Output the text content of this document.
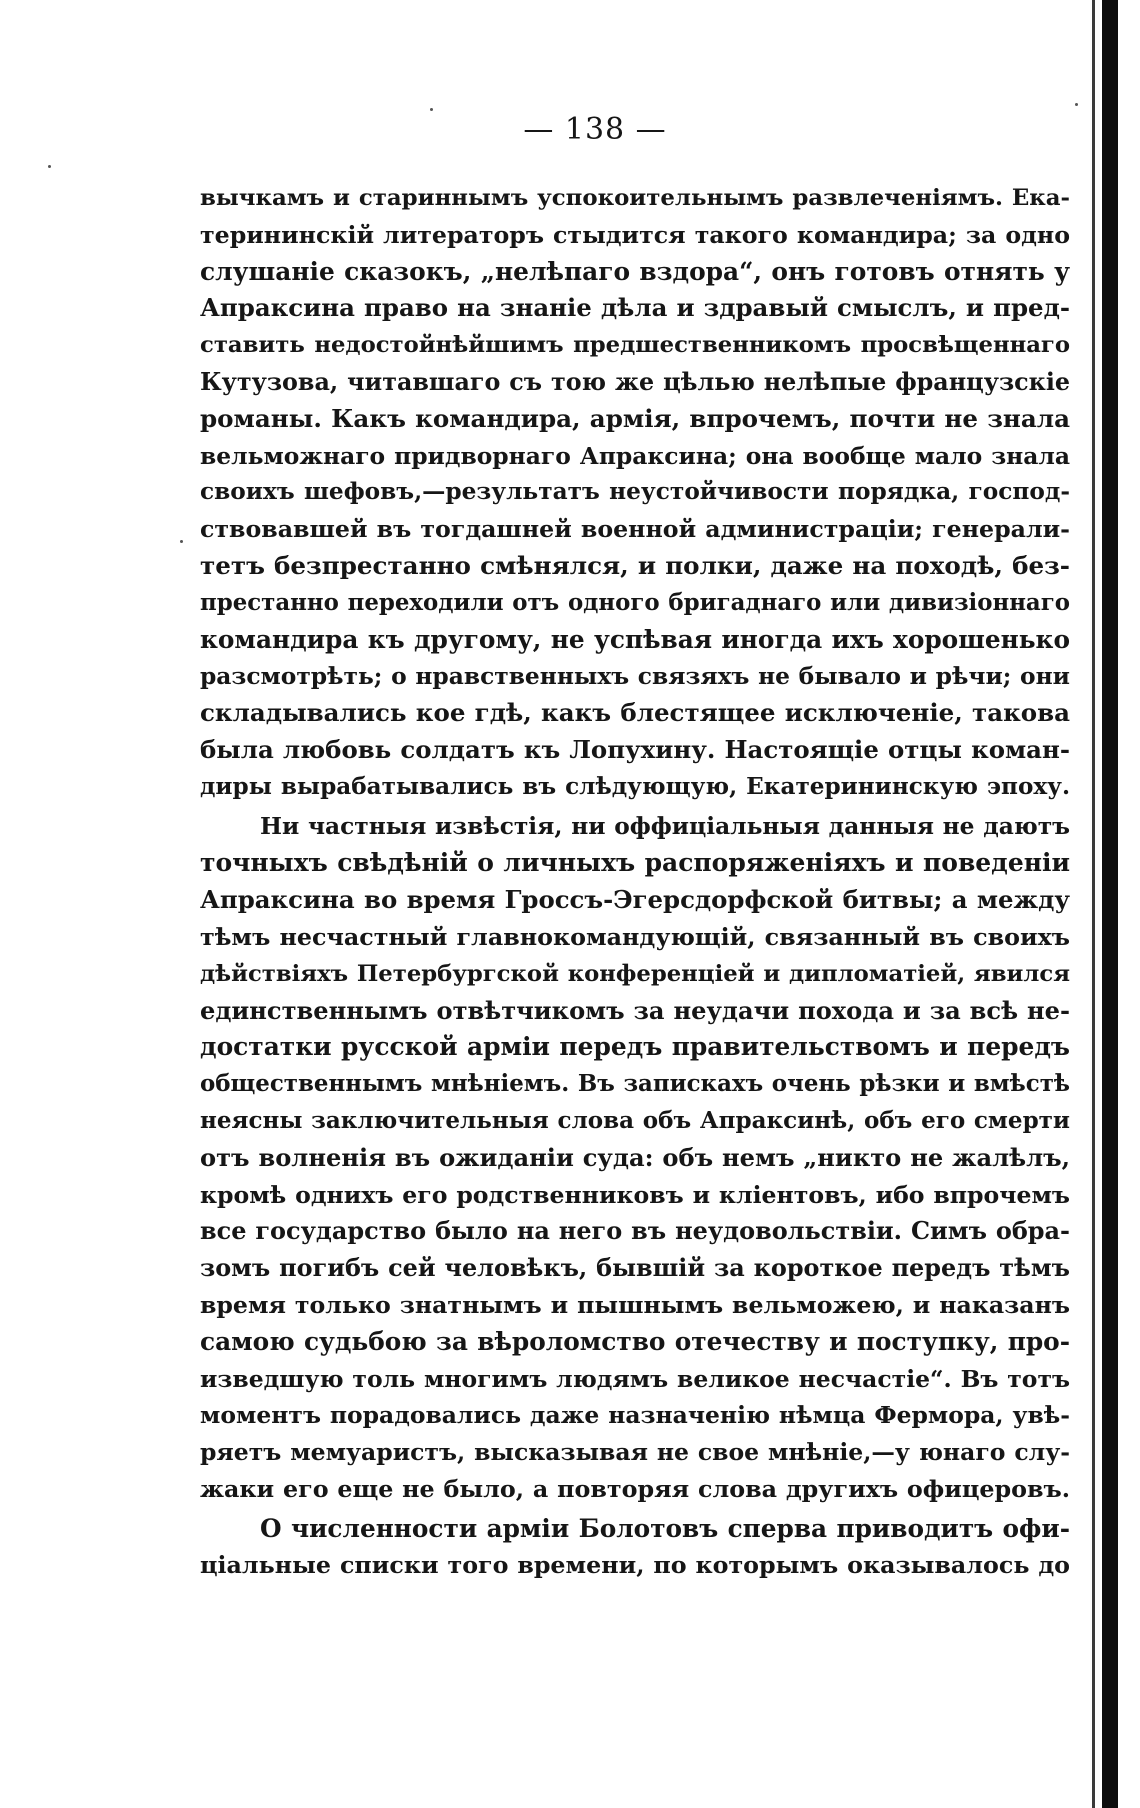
— 138 —
вычкамъ и стариннымъ успокоительнымъ развлеченiямъ. Ека-
терининскiй литераторъ стыдится такого командира; за одно
слушанiе сказокъ, „нелѣпаго вздора“, онъ готовъ отнять у
Апраксина право на знанiе дѣла и здравый смыслъ, и пред-
ставить недостойнѣйшимъ предшественникомъ просвѣщеннаго
Кутузова, читавшаго съ тою же цѣлью нелѣпые французскiе
романы. Какъ командира, армiя, впрочемъ, почти не знала
вельможнаго придворнаго Апраксина; она вообще мало знала
своихъ шефовъ,—результатъ неустойчивости порядка, господ-
ствовавшей въ тогдашней военной администрацiи; генерали-
тетъ безпрестанно смѣнялся, и полки, даже на походѣ, без-
престанно переходили отъ одного бригаднаго или дивизiоннаго
командира къ другому, не успѣвая иногда ихъ хорошенько
разсмотрѣть; о нравственныхъ связяхъ не бывало и рѣчи; они
складывались кое гдѣ, какъ блестящее исключенiе, такова
была любовь солдатъ къ Лопухину. Настоящiе отцы коман-
диры вырабатывались въ слѣдующую, Екатерининскую эпоху.
Ни частныя извѣстiя, ни оффицiальныя данныя не даютъ
точныхъ свѣдѣнiй о личныхъ распоряженiяхъ и поведенiи
Апраксина во время Гроссъ-Эгерсдорфской битвы; а между
тѣмъ несчастный главнокомандующiй, связанный въ своихъ
дѣйствiяхъ Петербургской конференцiей и дипломатiей, явился
единственнымъ отвѣтчикомъ за неудачи похода и за всѣ не-
достатки русской армiи передъ правительствомъ и передъ
общественнымъ мнѣнiемъ. Въ запискахъ очень рѣзки и вмѣстѣ
неясны заключительныя слова объ Апраксинѣ, объ его смерти
отъ волненiя въ ожиданiи суда: объ немъ „никто не жалѣлъ,
кромѣ однихъ его родственниковъ и клiентовъ, ибо впрочемъ
все государство было на него въ неудовольствiи. Симъ обра-
зомъ погибъ сей человѣкъ, бывшiй за короткое передъ тѣмъ
время только знатнымъ и пышнымъ вельможею, и наказанъ
самою судьбою за вѣроломство отечеству и поступку, про-
изведшую толь многимъ людямъ великое несчастiе“. Въ тотъ
моментъ порадовались даже назначенiю нѣмца Фермора, увѣ-
ряетъ мемуаристъ, высказывая не свое мнѣнiе,—у юнаго слу-
жаки его еще не было, а повторяя слова другихъ офицеровъ.
О численности армiи Болотовъ сперва приводитъ офи-
цiальные списки того времени, по которымъ оказывалось до
